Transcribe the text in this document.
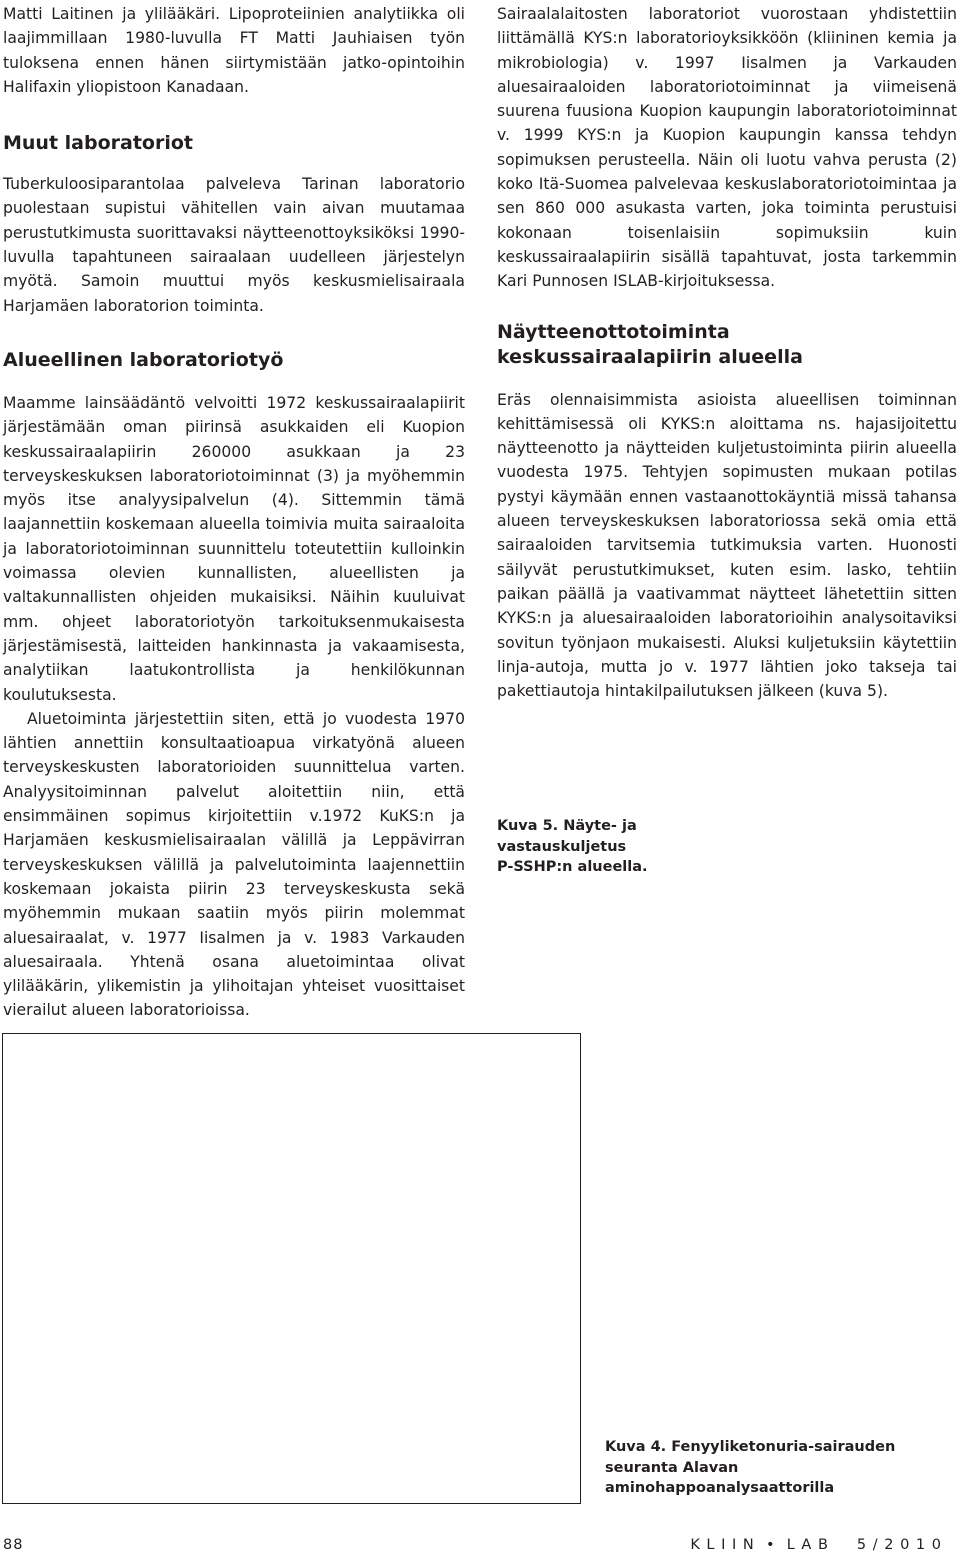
Matti Laitinen ja ylilääkäri. Lipoproteiinien analytiikka oli laajimmillaan 1980-luvulla FT Matti Jauhiaisen työn tuloksena ennen hänen siirtymistään jatko-opintoihin Halifaxin yliopistoon Kanadaan.

Muut laboratoriot

Tuberkuloosiparantolaa palveleva Tarinan laboratorio puolestaan supistui vähitellen vain aivan muutamaa perustutkimusta suorittavaksi näytteenottoyksiköksi 1990-luvulla tapahtuneen sairaalaan uudelleen järjestelyn myötä. Samoin muuttui myös keskusmielisairaala Harjamäen laboratorion toiminta.

Alueellinen laboratoriotyö

Maamme lainsäädäntö velvoitti 1972 keskussairaalapiirit järjestämään oman piirinsä asukkaiden eli Kuopion keskussairaalapiirin 260000 asukkaan ja 23 terveyskeskuksen laboratoriotoiminnat (3) ja myöhemmin myös itse analyysipalvelun (4). Sittemmin tämä laajannettiin koskemaan alueella toimivia muita sairaaloita ja laboratoriotoiminnan suunnittelu toteutettiin kulloinkin voimassa olevien kunnallisten, alueellisten ja valtakunnallisten ohjeiden mukaisiksi. Näihin kuuluivat mm. ohjeet laboratoriotyön tarkoituksenmukaisesta järjestämisestä, laitteiden hankinnasta ja vakaamisesta, analytiikan laatukontrollista ja henkilökunnan koulutuksesta.

Aluetoiminta järjestettiin siten, että jo vuodesta 1970 lähtien annettiin konsultaatioapua virkatyönä alueen terveyskeskusten laboratorioiden suunnittelua varten. Analyysitoiminnan palvelut aloitettiin niin, että ensimmäinen sopimus kirjoitettiin v.1972 KuKS:n ja Harjamäen keskusmielisairaalan välillä ja Leppävirran terveyskeskuksen välillä ja palvelutoiminta laajennettiin koskemaan jokaista piirin 23 terveyskeskusta sekä myöhemmin mukaan saatiin myös piirin molemmat aluesairaalat, v. 1977 Iisalmen ja v. 1983 Varkauden aluesairaala. Yhtenä osana aluetoimintaa olivat ylilääkärin, ylikemistin ja ylihoitajan yhteiset vuosittaiset vierailut alueen laboratorioissa.

Sairaalalaitosten laboratoriot vuorostaan yhdistettiin liittämällä KYS:n laboratorioyksikköön (kliininen kemia ja mikrobiologia) v. 1997 Iisalmen ja Varkauden aluesairaaloiden laboratoriotoiminnat ja viimeisenä suurena fuusiona Kuopion kaupungin laboratoriotoiminnat v. 1999 KYS:n ja Kuopion kaupungin kanssa tehdyn sopimuksen perusteella. Näin oli luotu vahva perusta (2) koko Itä-Suomea palvelevaa keskuslaboratoriotoimintaa ja sen 860 000 asukasta varten, joka toiminta perustuisi kokonaan toisenlaisiin sopimuksiin kuin keskussairaalapiirin sisällä tapahtuvat, josta tarkemmin Kari Punnosen ISLAB-kirjoituksessa.

Näytteenottotoiminta
keskussairaalapiirin alueella

Eräs olennaisimmista asioista alueellisen toiminnan kehittämisessä oli KYKS:n aloittama ns. hajasijoitettu näytteenotto ja näytteiden kuljetustoiminta piirin alueella vuodesta 1975. Tehtyjen sopimusten mukaan potilas pystyi käymään ennen vastaanottokäyntiä missä tahansa alueen terveyskeskuksen laboratoriossa sekä omia että sairaaloiden tarvitsemia tutkimuksia varten. Huonosti säilyvät perustutkimukset, kuten esim. lasko, tehtiin paikan päällä ja vaativammat näytteet lähetettiin sitten KYKS:n ja aluesairaaloiden laboratorioihin analysoitaviksi sovitun työnjaon mukaisesti. Aluksi kuljetuksiin käytettiin linja-autoja, mutta jo v. 1977 lähtien joko takseja tai pakettiautoja hintakilpailutuksen jälkeen (kuva 5).

Kuva 5. Näyte- ja
vastauskuljetus
P-SSHP:n alueella.
Kuva 4. Fenyyliketonuria-sairauden
seuranta Alavan aminohappoanalysaattorilla
88	K L I I N  •  L A B     5 / 2 0 1 0
